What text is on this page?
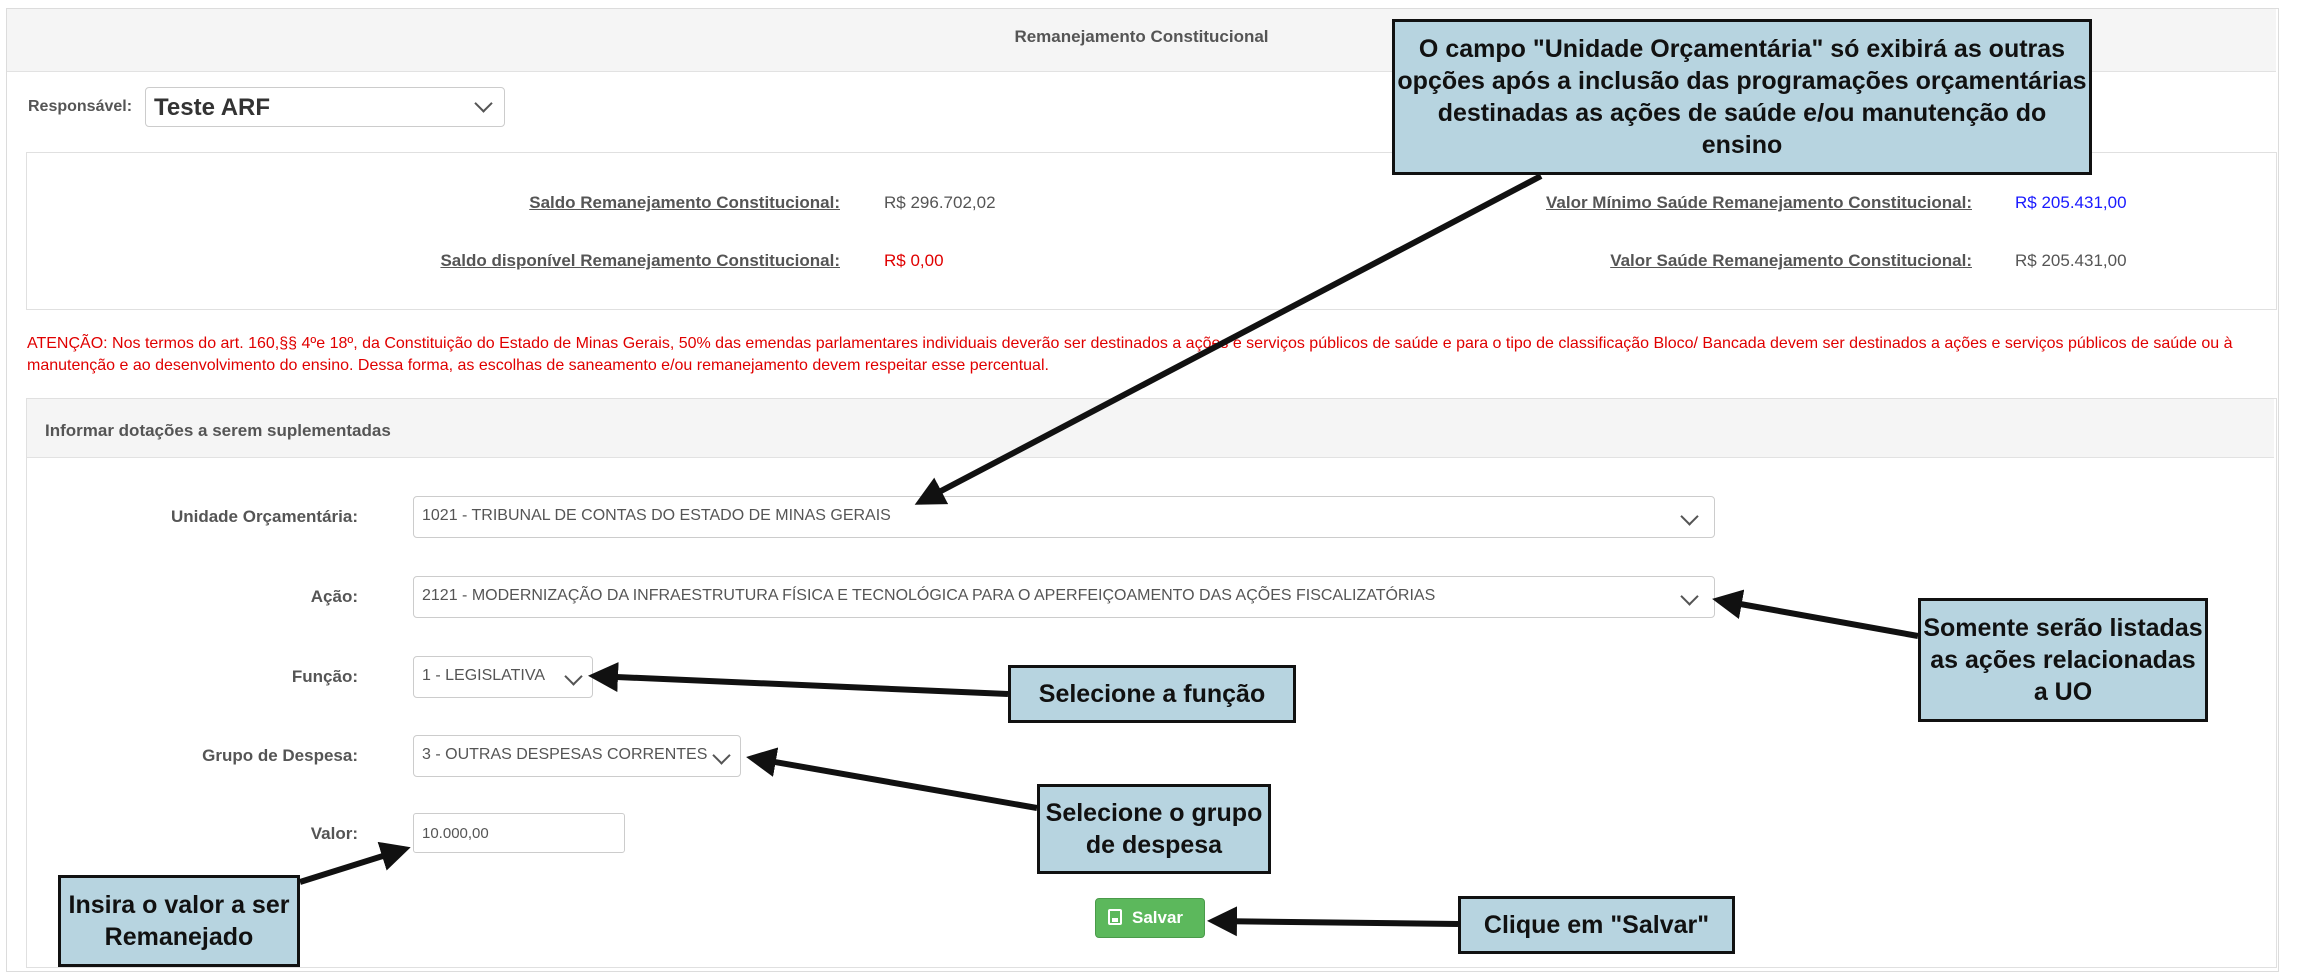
Remanejamento Constitucional
Responsável: Teste ARF
Saldo Remanejamento Constitucional:	R$ 296.702,02
Saldo disponível Remanejamento Constitucional:	R$ 0,00
Valor Mínimo Saúde Remanejamento Constitucional:	R$ 205.431,00
Valor Saúde Remanejamento Constitucional:	R$ 205.431,00
ATENÇÃO: Nos termos do art. 160,§§ 4ºe 18º, da Constituição do Estado de Minas Gerais, 50% das emendas parlamentares individuais deverão ser destinados a ações e serviços públicos de saúde e para o tipo de classificação Bloco/ Bancada devem ser destinados a ações e serviços públicos de saúde ou à manutenção e ao desenvolvimento do ensino. Dessa forma, as escolhas de saneamento e/ou remanejamento devem respeitar esse percentual.
Informar dotações a serem suplementadas
Unidade Orçamentária:	1021 - TRIBUNAL DE CONTAS DO ESTADO DE MINAS GERAIS
Ação:	2121 - MODERNIZAÇÃO DA INFRAESTRUTURA FÍSICA E TECNOLÓGICA PARA O APERFEIÇOAMENTO DAS AÇÕES FISCALIZATÓRIAS
Função:	1 - LEGISLATIVA
Grupo de Despesa:	3 - OUTRAS DESPESAS CORRENTES
Valor:
10.000,00
Salvar
O campo "Unidade Orçamentária" só exibirá as outras opções após a inclusão das programações orçamentárias destinadas as ações de saúde e/ou manutenção do ensino
Somente serão listadas as ações relacionadas a UO
Selecione a função
Selecione o grupo de despesa
Insira o valor a ser Remanejado	Clique em "Salvar"
